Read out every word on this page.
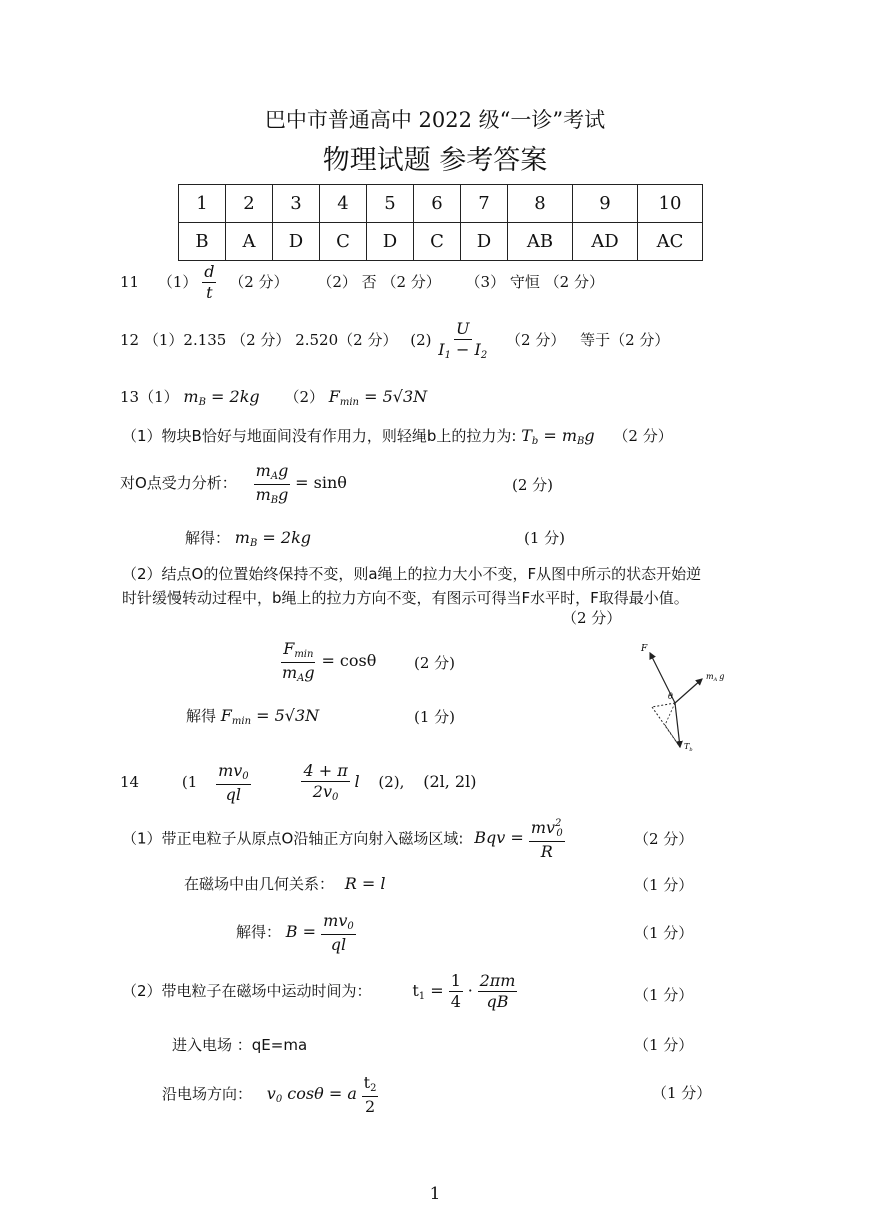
巴中市普通高中 2022 级“一诊”考试
物理试题 参考答案
1	2	3	4	5	6	7	8	9	10
B	A	D	C	D	C	D	AB	AD	AC
11 $(1) \frac{d}{t} (2$ 分） （2） 否 （2 分） （3） 守恒 （2 分）
12 （1）2.135 （2 分） 2.520（2 分） $(2) \frac{U}{I_1 - I_2} (2$ 分） 等于（2 分）
13（1） $m_B = 2kg$ （2） $F_{min} = 5√3N$
（1）物块B恰好与地面间没有作用力，则轻绳b上的拉力为: $T_b = m_Bg$ （2 分）
对O点受力分析： $\frac{m_Ag}{m_Bg} = \sin\theta$	(2 分)
解得： $m_B = 2kg$	(1 分)
（2）结点O的位置始终保持不变，则a绳上的拉力大小不变，F从图中所示的状态开始逆
时针缓慢转动过程中，b绳上的拉力方向不变，有图示可得当F水平时，F取得最小值。
（2 分）
$\frac{F_{min}}{m_Ag} = \cos\theta$	(2 分)
解得 $F_{min} = 5√3N$	(1 分)
F
$m_A$ g
θ
$T_b$
14	($1 \frac{mv_0}{ql}$
	$\frac{4 + \pi}{2v_0}$ l (2), (2l, 2l)
（1）带正电粒子从原点O沿轴正方向射入磁场区域: Bqv = $\frac{mv^2_0}{R}$	（2 分）
在磁场中由几何关系： R = l	（1 分）
解得： $B = \frac{mv_0}{ql}$	（1 分）
（2）带电粒子在磁场中运动时间为：	$t_1 = \frac{1}{4} \cdot \frac{2\pi m}{qB}$	（1 分）
进入电场 ：qE=ma	（1 分）
沿电场方向： $v_0$ cosθ = a $\frac{t_2}{2}$	（1 分）
1
